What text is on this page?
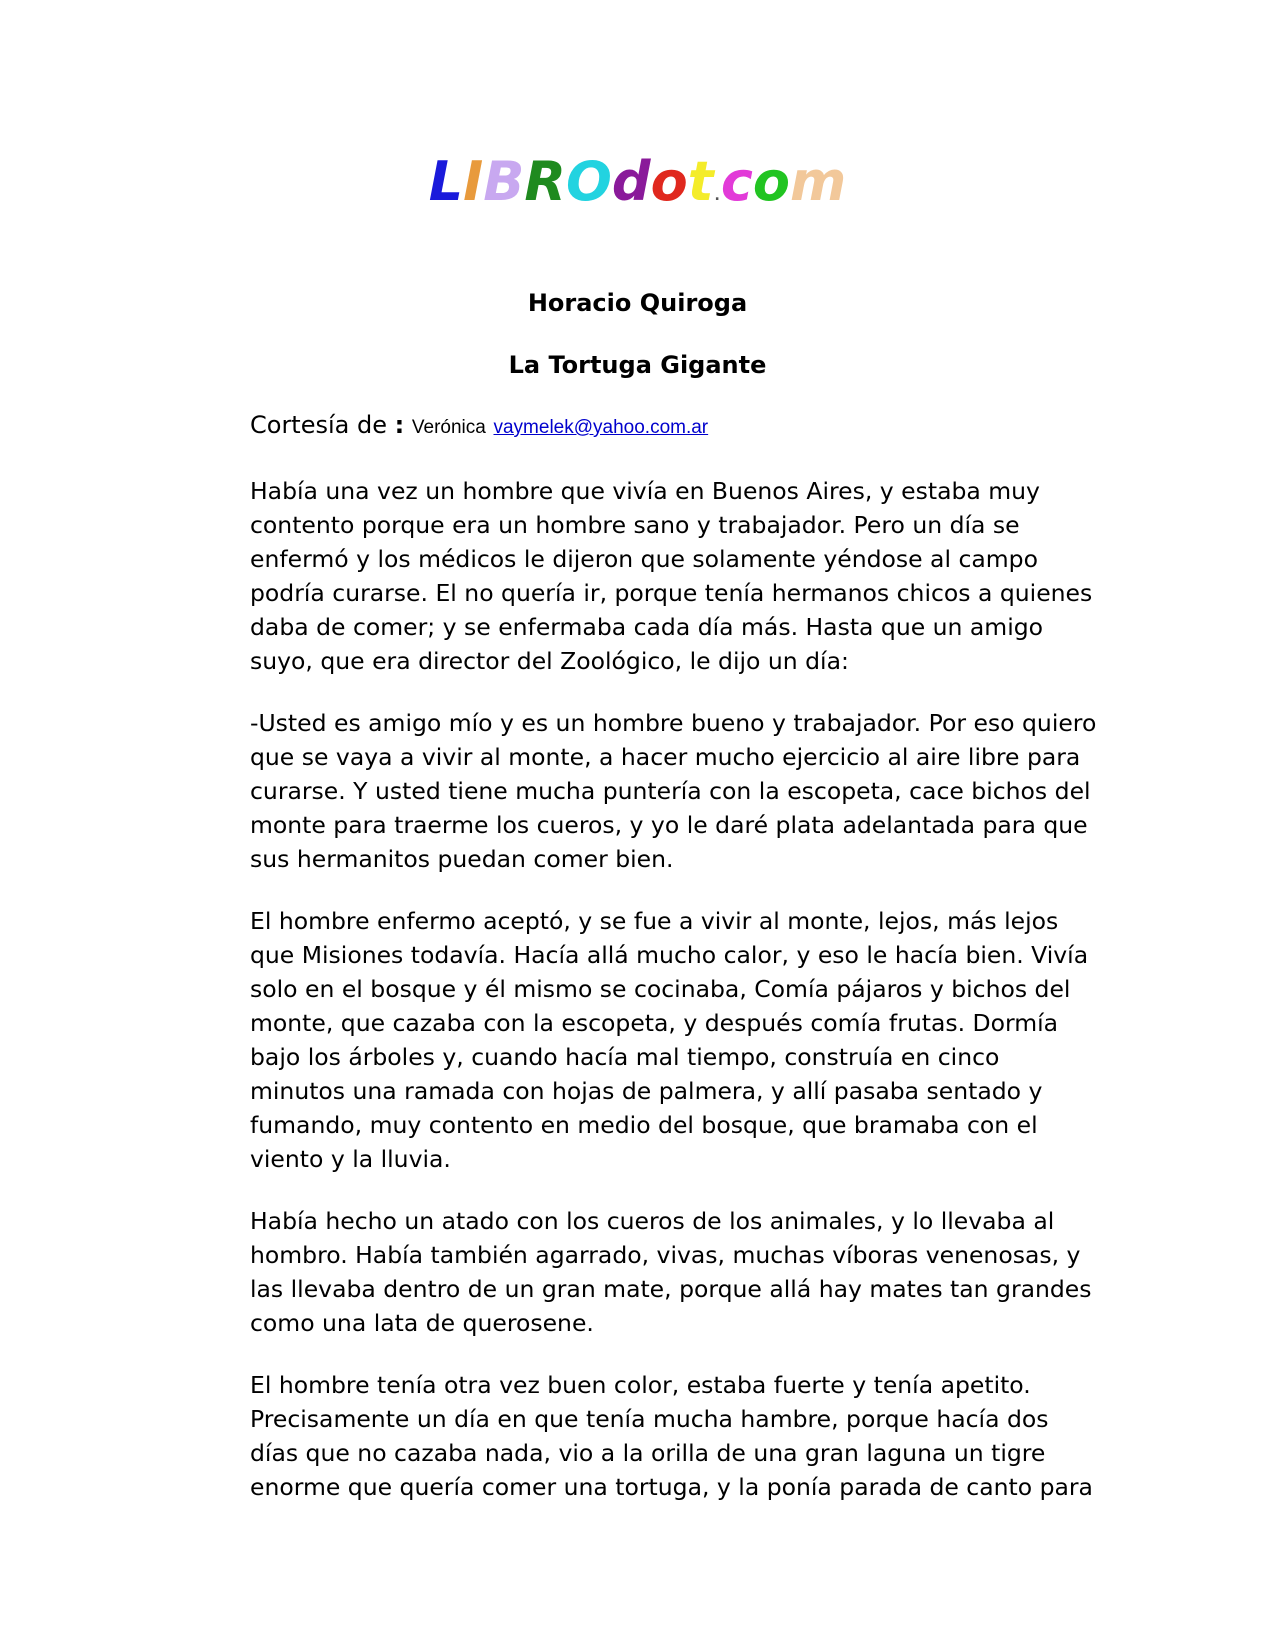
LIBROdot.com
Horacio Quiroga
La Tortuga Gigante
Cortesía de : Verónica vaymelek@yahoo.com.ar

Había una vez un hombre que vivía en Buenos Aires, y estaba muy contento porque era un hombre sano y trabajador. Pero un día se enfermó y los médicos le dijeron que solamente yéndose al campo podría curarse. El no quería ir, porque tenía hermanos chicos a quienes daba de comer; y se enfermaba cada día más. Hasta que un amigo suyo, que era director del Zoológico, le dijo un día:

-Usted es amigo mío y es un hombre bueno y trabajador. Por eso quiero que se vaya a vivir al monte, a hacer mucho ejercicio al aire libre para curarse. Y usted tiene mucha puntería con la escopeta, cace bichos del monte para traerme los cueros, y yo le daré plata adelantada para que sus hermanitos puedan comer bien.

El hombre enfermo aceptó, y se fue a vivir al monte, lejos, más lejos que Misiones todavía. Hacía allá mucho calor, y eso le hacía bien. Vivía solo en el bosque y él mismo se cocinaba, Comía pájaros y bichos del monte, que cazaba con la escopeta, y después comía frutas. Dormía bajo los árboles y, cuando hacía mal tiempo, construía en cinco minutos una ramada con hojas de palmera, y allí pasaba sentado y fumando, muy contento en medio del bosque, que bramaba con el viento y la lluvia.

Había hecho un atado con los cueros de los animales, y lo llevaba al hombro. Había también agarrado, vivas, muchas víboras venenosas, y las llevaba dentro de un gran mate, porque allá hay mates tan grandes como una lata de querosene.

El hombre tenía otra vez buen color, estaba fuerte y tenía apetito. Precisamente un día en que tenía mucha hambre, porque hacía dos días que no cazaba nada, vio a la orilla de una gran laguna un tigre enorme que quería comer una tortuga, y la ponía parada de canto para
